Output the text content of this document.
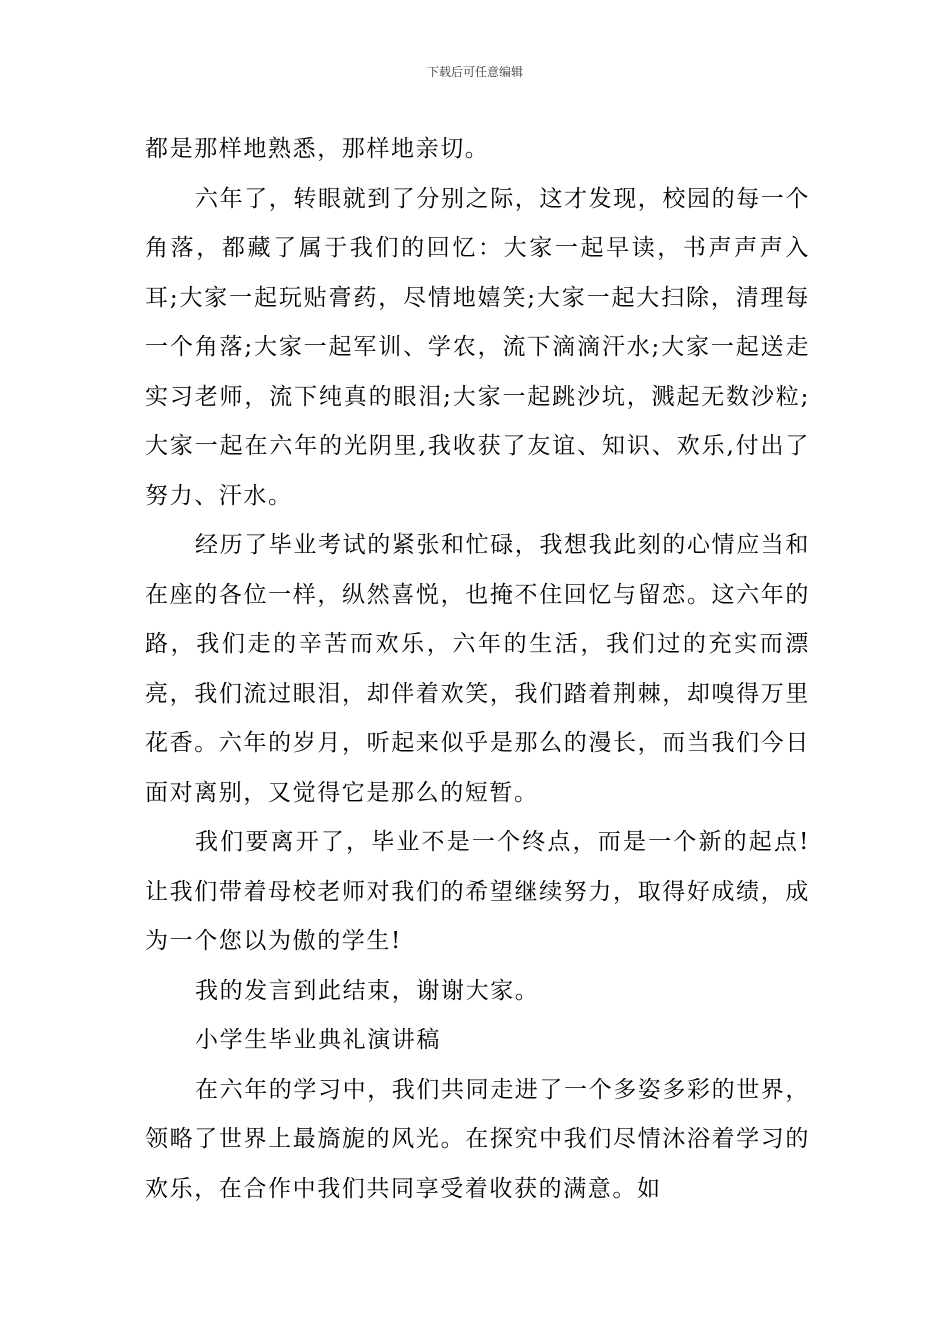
下载后可任意编辑

都是那样地熟悉，那样地亲切。

六年了，转眼就到了分别之际，这才发现，校园的每一个角落，都藏了属于我们的回忆：大家一起早读，书声声声入耳;大家一起玩贴膏药，尽情地嬉笑;大家一起大扫除，清理每一个角落;大家一起军训、学农，流下滴滴汗水;大家一起送走实习老师，流下纯真的眼泪;大家一起跳沙坑，溅起无数沙粒;大家一起在六年的光阴里,我收获了友谊、知识、欢乐,付出了努力、汗水。

经历了毕业考试的紧张和忙碌，我想我此刻的心情应当和在座的各位一样，纵然喜悦，也掩不住回忆与留恋。这六年的路，我们走的辛苦而欢乐，六年的生活，我们过的充实而漂亮，我们流过眼泪，却伴着欢笑，我们踏着荆棘，却嗅得万里花香。六年的岁月，听起来似乎是那么的漫长，而当我们今日面对离别，又觉得它是那么的短暂。

我们要离开了，毕业不是一个终点，而是一个新的起点!让我们带着母校老师对我们的希望继续努力，取得好成绩，成为一个您以为傲的学生!

我的发言到此结束，谢谢大家。

小学生毕业典礼演讲稿

在六年的学习中，我们共同走进了一个多姿多彩的世界，领略了世界上最旖旎的风光。在探究中我们尽情沐浴着学习的欢乐，在合作中我们共同享受着收获的满意。如
